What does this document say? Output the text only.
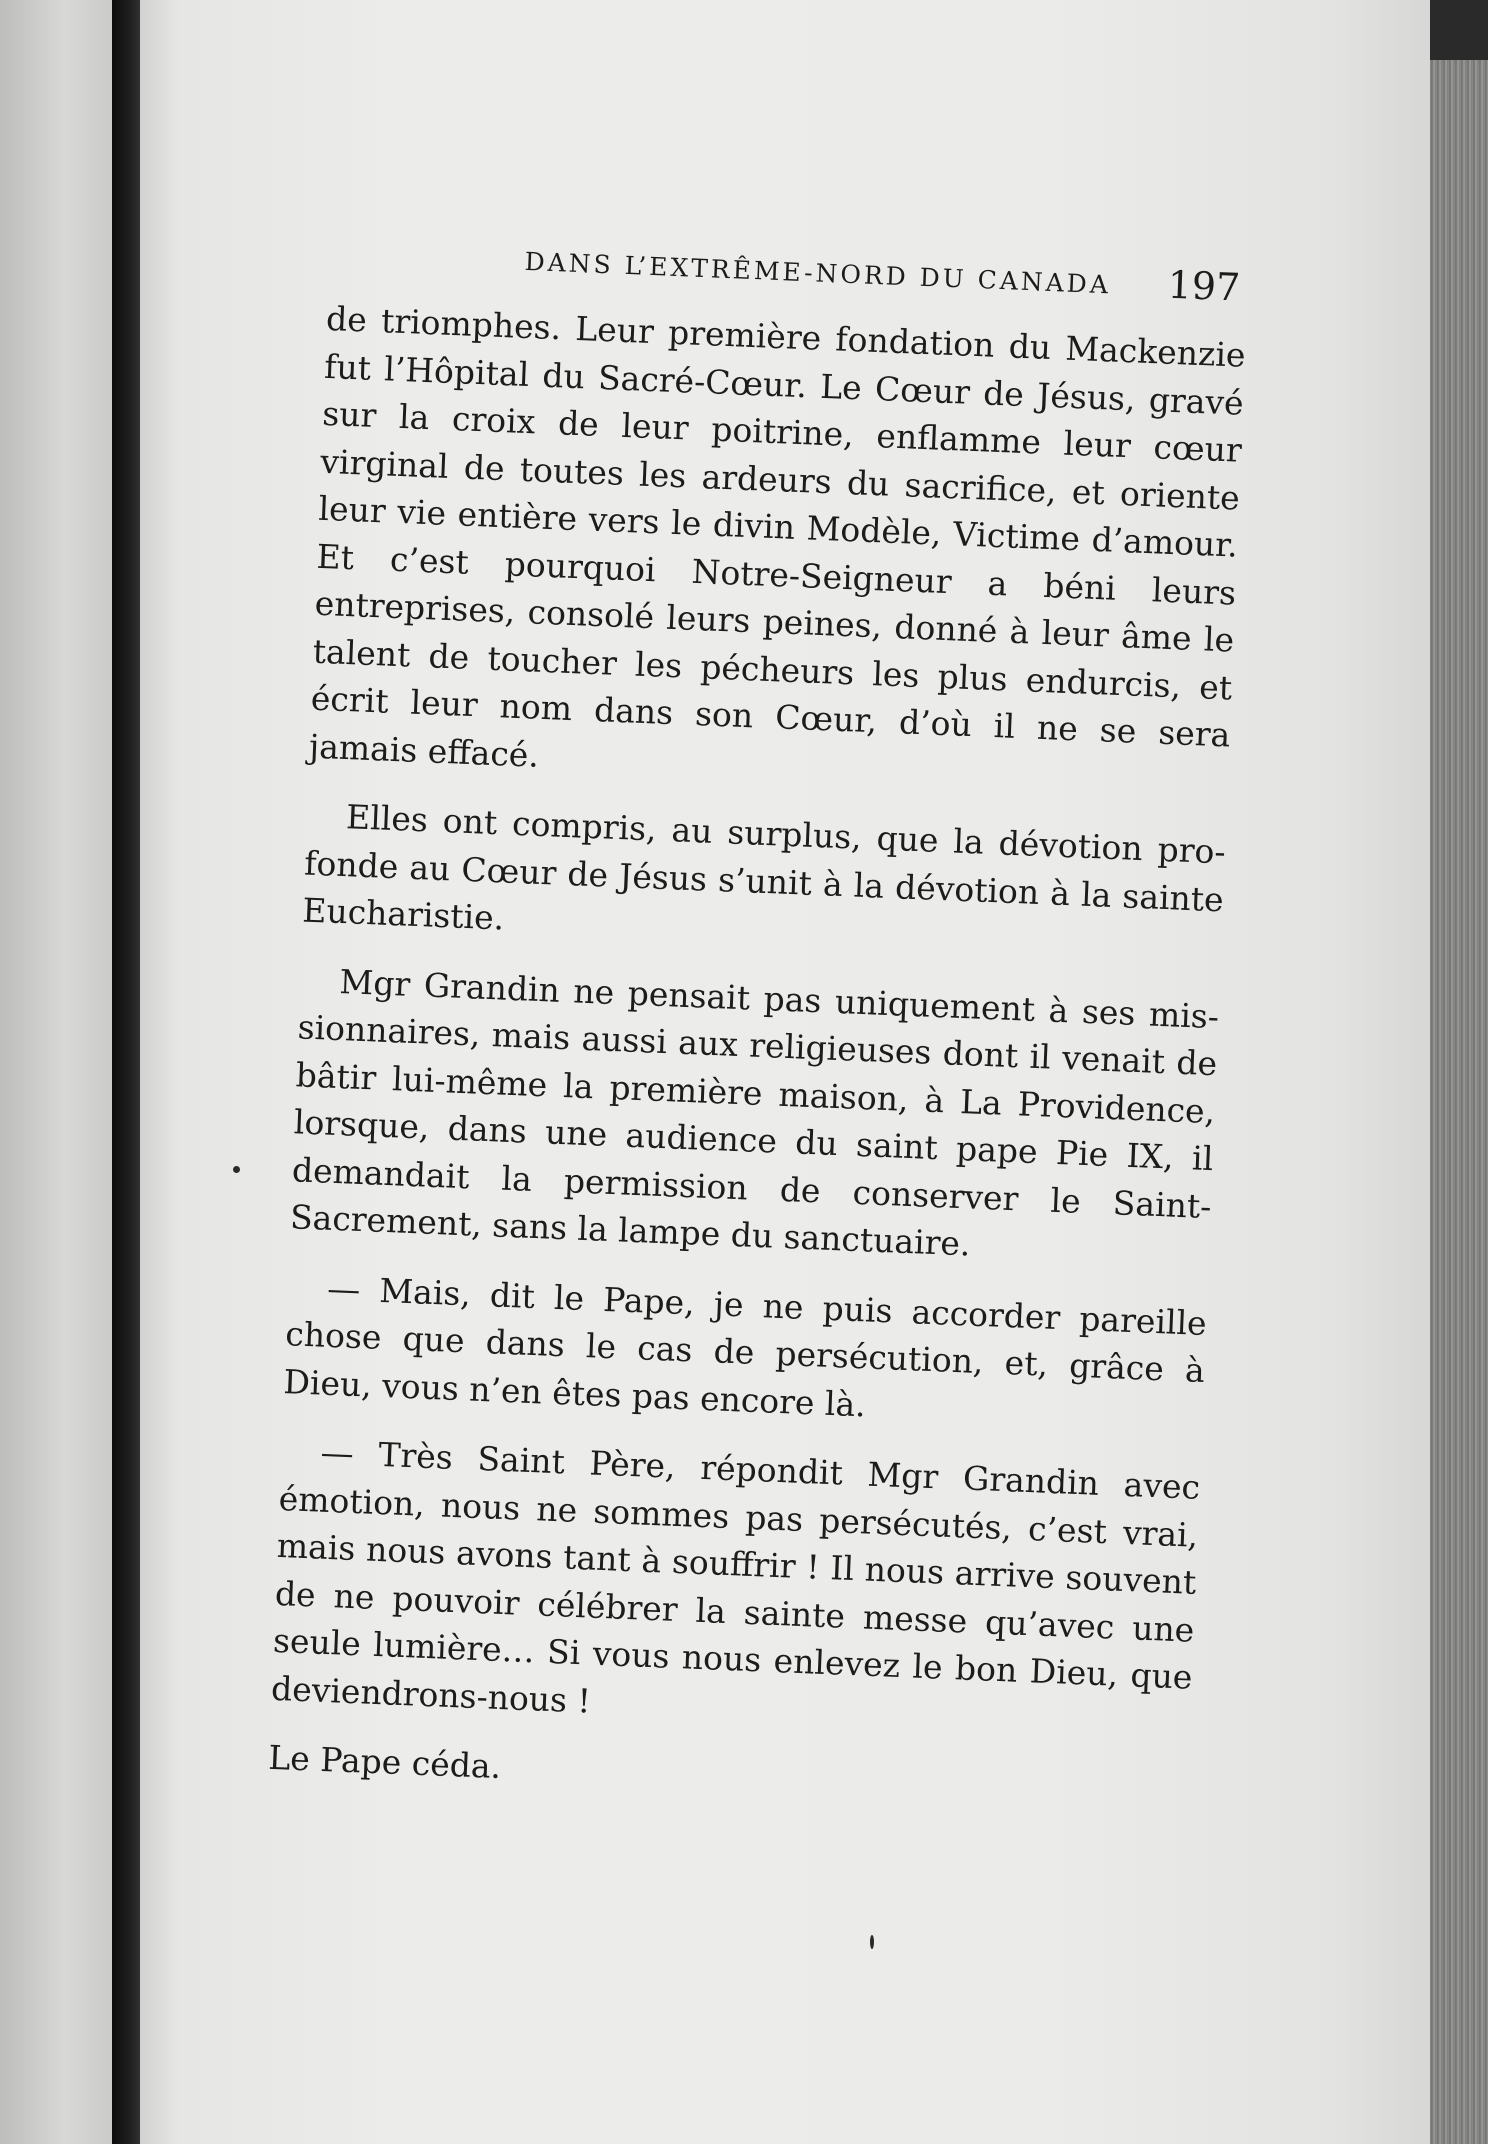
DANS L’EXTRÊME-NORD DU CANADA 197

de triomphes. Leur première fondation du Mackenzie fut l’Hôpital du Sacré-Cœur. Le Cœur de Jésus, gravé sur la croix de leur poitrine, enflamme leur cœur virginal de toutes les ardeurs du sacrifice, et oriente leur vie entière vers le divin Modèle, Victime d’amour. Et c’est pourquoi Notre-Seigneur a béni leurs entreprises, consolé leurs peines, donné à leur âme le talent de toucher les pécheurs les plus endurcis, et écrit leur nom dans son Cœur, d’où il ne se sera jamais effacé.

Elles ont compris, au surplus, que la dévotion profonde au Cœur de Jésus s’unit à la dévotion à la sainte Eucharistie.

Mgr Grandin ne pensait pas uniquement à ses missionnaires, mais aussi aux religieuses dont il venait de bâtir lui-même la première maison, à La Providence, lorsque, dans une audience du saint pape Pie IX, il demandait la permission de conserver le Saint-Sacrement, sans la lampe du sanctuaire.

— Mais, dit le Pape, je ne puis accorder pareille chose que dans le cas de persécution, et, grâce à Dieu, vous n’en êtes pas encore là.

— Très Saint Père, répondit Mgr Grandin avec émotion, nous ne sommes pas persécutés, c’est vrai, mais nous avons tant à souffrir ! Il nous arrive souvent de ne pouvoir célébrer la sainte messe qu’avec une seule lumière… Si vous nous enlevez le bon Dieu, que deviendrons-nous !

Le Pape céda.
